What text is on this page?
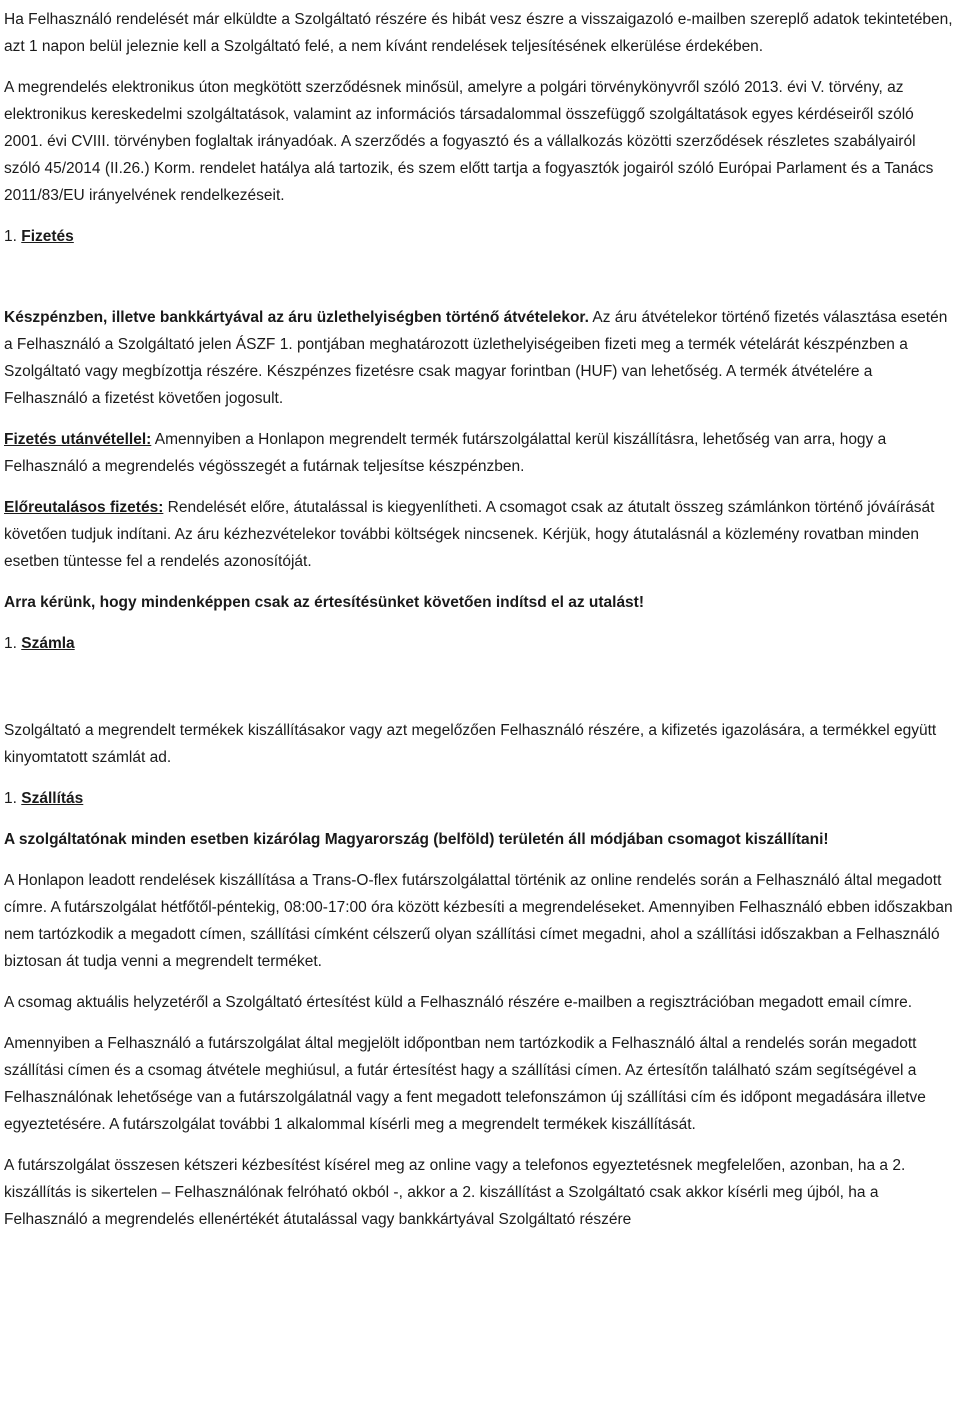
Ha Felhasználó rendelését már elküldte a Szolgáltató részére és hibát vesz észre a visszaigazoló e-mailben szereplő adatok tekintetében, azt 1 napon belül jeleznie kell a Szolgáltató felé, a nem kívánt rendelések teljesítésének elkerülése érdekében.

A megrendelés elektronikus úton megkötött szerződésnek minősül, amelyre a polgári törvénykönyvről szóló 2013. évi V. törvény, az elektronikus kereskedelmi szolgáltatások, valamint az információs társadalommal összefüggő szolgáltatások egyes kérdéseiről szóló 2001. évi CVIII. törvényben foglaltak irányadóak. A szerződés a fogyasztó és a vállalkozás közötti szerződések részletes szabályairól szóló 45/2014 (II.26.) Korm. rendelet hatálya alá tartozik, és szem előtt tartja a fogyasztók jogairól szóló Európai Parlament és a Tanács 2011/83/EU irányelvének rendelkezéseit.

1. Fizetés

Készpénzben, illetve bankkártyával az áru üzlethelyiségben történő átvételekor. Az áru átvételekor történő fizetés választása esetén a Felhasználó a Szolgáltató jelen ÁSZF 1. pontjában meghatározott üzlethelyiségeiben fizeti meg a termék vételárát készpénzben a Szolgáltató vagy megbízottja részére. Készpénzes fizetésre csak magyar forintban (HUF) van lehetőség. A termék átvételére a Felhasználó a fizetést követően jogosult.

Fizetés utánvétellel: Amennyiben a Honlapon megrendelt termék futárszolgálattal kerül kiszállításra, lehetőség van arra, hogy a Felhasználó a megrendelés végösszegét a futárnak teljesítse készpénzben.

Előreutalásos fizetés: Rendelését előre, átutalással is kiegyenlítheti. A csomagot csak az átutalt összeg számlánkon történő jóváírását követően tudjuk indítani. Az áru kézhezvételekor további költségek nincsenek. Kérjük, hogy átutalásnál a közlemény rovatban minden esetben tüntesse fel a rendelés azonosítóját.

Arra kérünk, hogy mindenképpen csak az értesítésünket követően indítsd el az utalást!

1. Számla

Szolgáltató a megrendelt termékek kiszállításakor vagy azt megelőzően Felhasználó részére, a kifizetés igazolására, a termékkel együtt kinyomtatott számlát ad.

1. Szállítás

A szolgáltatónak minden esetben kizárólag Magyarország (belföld) területén áll módjában csomagot kiszállítani!

A Honlapon leadott rendelések kiszállítása a Trans-O-flex futárszolgálattal történik az online rendelés során a Felhasználó által megadott címre. A futárszolgálat hétfőtől-péntekig, 08:00-17:00 óra között kézbesíti a megrendeléseket. Amennyiben Felhasználó ebben időszakban nem tartózkodik a megadott címen, szállítási címként célszerű olyan szállítási címet megadni, ahol a szállítási időszakban a Felhasználó biztosan át tudja venni a megrendelt terméket.

A csomag aktuális helyzetéről a Szolgáltató értesítést küld a Felhasználó részére e-mailben a regisztrációban megadott email címre.

Amennyiben a Felhasználó a futárszolgálat által megjelölt időpontban nem tartózkodik a Felhasználó által a rendelés során megadott szállítási címen és a csomag átvétele meghiúsul, a futár értesítést hagy a szállítási címen. Az értesítőn található szám segítségével a Felhasználónak lehetősége van a futárszolgálatnál vagy a fent megadott telefonszámon új szállítási cím és időpont megadására illetve egyeztetésére. A futárszolgálat további 1 alkalommal kísérli meg a megrendelt termékek kiszállítását.

A futárszolgálat összesen kétszeri kézbesítést kísérel meg az online vagy a telefonos egyeztetésnek megfelelően, azonban, ha a 2. kiszállítás is sikertelen – Felhasználónak felróható okból -, akkor a 2. kiszállítást a Szolgáltató csak akkor kísérli meg újból, ha a Felhasználó a megrendelés ellenértékét átutalással vagy bankkártyával Szolgáltató részére
